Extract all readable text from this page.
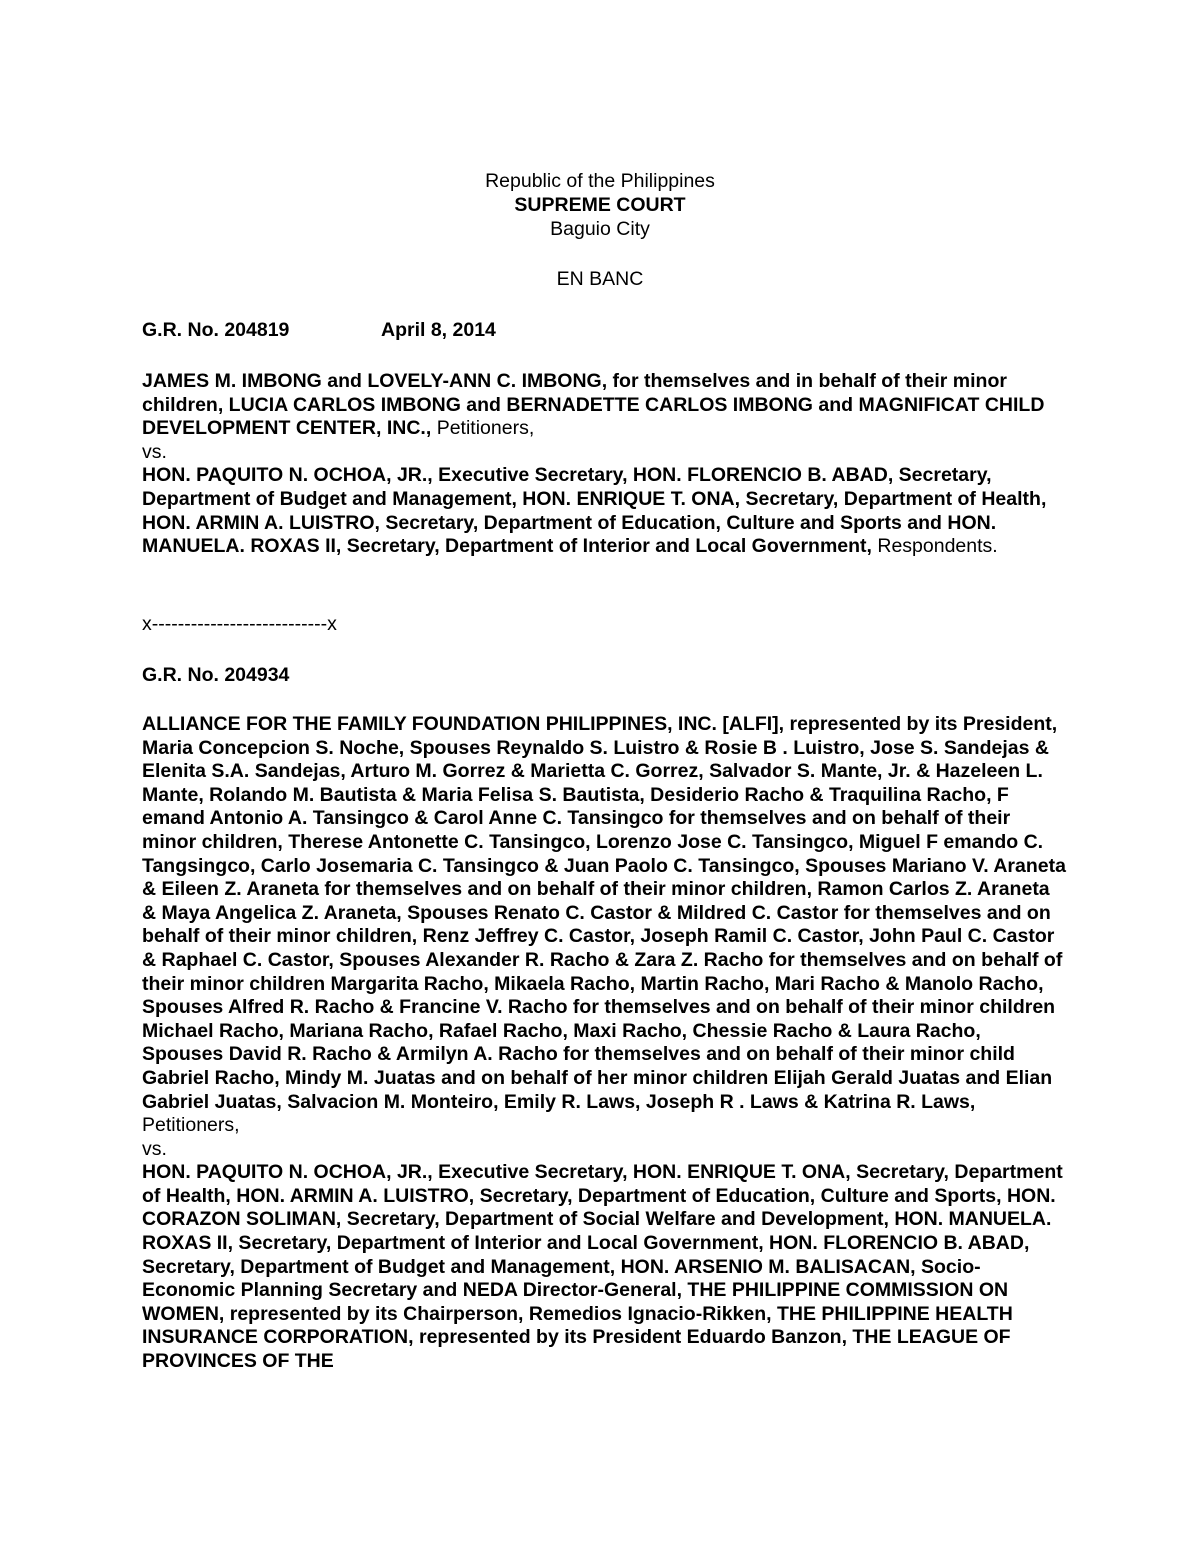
Republic of the Philippines
SUPREME COURT
Baguio City
EN BANC
G.R. No. 204819	April 8, 2014
JAMES M. IMBONG and LOVELY-ANN C. IMBONG, for themselves and in behalf of their minor children, LUCIA CARLOS IMBONG and BERNADETTE CARLOS IMBONG and MAGNIFICAT CHILD DEVELOPMENT CENTER, INC., Petitioners,
vs.
HON. PAQUITO N. OCHOA, JR., Executive Secretary, HON. FLORENCIO B. ABAD, Secretary, Department of Budget and Management, HON. ENRIQUE T. ONA, Secretary, Department of Health, HON. ARMIN A. LUISTRO, Secretary, Department of Education, Culture and Sports and HON. MANUELA. ROXAS II, Secretary, Department of Interior and Local Government, Respondents.
x---------------------------x
G.R. No. 204934
ALLIANCE FOR THE FAMILY FOUNDATION PHILIPPINES, INC. [ALFI], represented by its President, Maria Concepcion S. Noche, Spouses Reynaldo S. Luistro & Rosie B . Luistro, Jose S. Sandejas & Elenita S.A. Sandejas, Arturo M. Gorrez & Marietta C. Gorrez, Salvador S. Mante, Jr. & Hazeleen L. Mante, Rolando M. Bautista & Maria Felisa S. Bautista, Desiderio Racho & Traquilina Racho, F emand Antonio A. Tansingco & Carol Anne C. Tansingco for themselves and on behalf of their minor children, Therese Antonette C. Tansingco, Lorenzo Jose C. Tansingco, Miguel F emando C. Tangsingco, Carlo Josemaria C. Tansingco & Juan Paolo C. Tansingco, Spouses Mariano V. Araneta & Eileen Z. Araneta for themselves and on behalf of their minor children, Ramon Carlos Z. Araneta & Maya Angelica Z. Araneta, Spouses Renato C. Castor & Mildred C. Castor for themselves and on behalf of their minor children, Renz Jeffrey C. Castor, Joseph Ramil C. Castor, John Paul C. Castor & Raphael C. Castor, Spouses Alexander R. Racho & Zara Z. Racho for themselves and on behalf of their minor children Margarita Racho, Mikaela Racho, Martin Racho, Mari Racho & Manolo Racho, Spouses Alfred R. Racho & Francine V. Racho for themselves and on behalf of their minor children Michael Racho, Mariana Racho, Rafael Racho, Maxi Racho, Chessie Racho & Laura Racho, Spouses David R. Racho & Armilyn A. Racho for themselves and on behalf of their minor child Gabriel Racho, Mindy M. Juatas and on behalf of her minor children Elijah Gerald Juatas and Elian Gabriel Juatas, Salvacion M. Monteiro, Emily R. Laws, Joseph R . Laws & Katrina R. Laws, Petitioners,
vs.
HON. PAQUITO N. OCHOA, JR., Executive Secretary, HON. ENRIQUE T. ONA, Secretary, Department of Health, HON. ARMIN A. LUISTRO, Secretary, Department of Education, Culture and Sports, HON. CORAZON SOLIMAN, Secretary, Department of Social Welfare and Development, HON. MANUELA. ROXAS II, Secretary, Department of Interior and Local Government, HON. FLORENCIO B. ABAD, Secretary, Department of Budget and Management, HON. ARSENIO M. BALISACAN, Socio-Economic Planning Secretary and NEDA Director-General, THE PHILIPPINE COMMISSION ON WOMEN, represented by its Chairperson, Remedios Ignacio-Rikken, THE PHILIPPINE HEALTH INSURANCE CORPORATION, represented by its President Eduardo Banzon, THE LEAGUE OF PROVINCES OF THE
